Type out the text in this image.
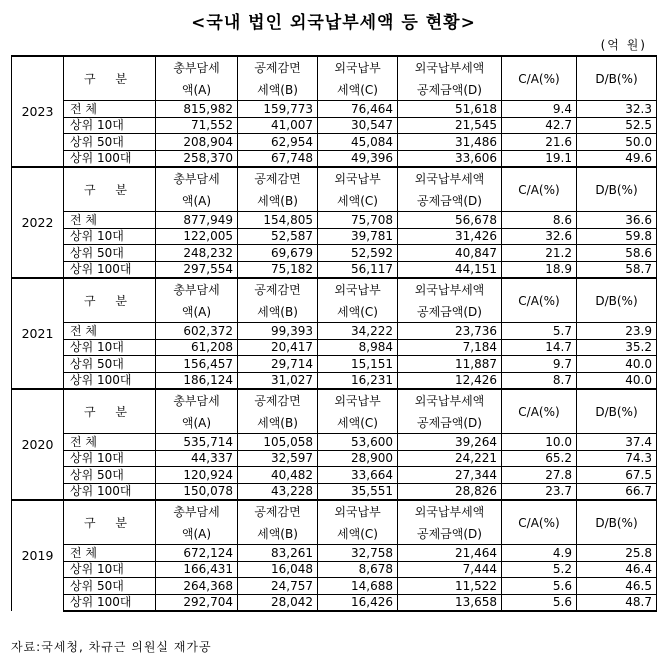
<국내 법인 외국납부세액 등 현황>
(억 원)
2023	구 분	총부담세	공제감면	외국납부	외국납부세액	C/A(%)	D/B(%)
		액(A)	세액(B)	세액(C)	공제금액(D)		
	전 체	815,982	159,773	76,464	51,618	9.4	32.3
	상위 10대	71,552	41,007	30,547	21,545	42.7	52.5
	상위 50대	208,904	62,954	45,084	31,486	21.6	50.0
	상위 100대	258,370	67,748	49,396	33,606	19.1	49.6
2022	구 분	총부담세	공제감면	외국납부	외국납부세액	C/A(%)	D/B(%)
		액(A)	세액(B)	세액(C)	공제금액(D)		
	전 체	877,949	154,805	75,708	56,678	8.6	36.6
	상위 10대	122,005	52,587	39,781	31,426	32.6	59.8
	상위 50대	248,232	69,679	52,592	40,847	21.2	58.6
	상위 100대	297,554	75,182	56,117	44,151	18.9	58.7
2021	구 분	총부담세	공제감면	외국납부	외국납부세액	C/A(%)	D/B(%)
		액(A)	세액(B)	세액(C)	공제금액(D)		
	전 체	602,372	99,393	34,222	23,736	5.7	23.9
	상위 10대	61,208	20,417	8,984	7,184	14.7	35.2
	상위 50대	156,457	29,714	15,151	11,887	9.7	40.0
	상위 100대	186,124	31,027	16,231	12,426	8.7	40.0
2020	구 분	총부담세	공제감면	외국납부	외국납부세액	C/A(%)	D/B(%)
		액(A)	세액(B)	세액(C)	공제금액(D)		
	전 체	535,714	105,058	53,600	39,264	10.0	37.4
	상위 10대	44,337	32,597	28,900	24,221	65.2	74.3
	상위 50대	120,924	40,482	33,664	27,344	27.8	67.5
	상위 100대	150,078	43,228	35,551	28,826	23.7	66.7
2019	구 분	총부담세	공제감면	외국납부	외국납부세액	C/A(%)	D/B(%)
		액(A)	세액(B)	세액(C)	공제금액(D)		
	전 체	672,124	83,261	32,758	21,464	4.9	25.8
	상위 10대	166,431	16,048	8,678	7,444	5.2	46.4
	상위 50대	264,368	24,757	14,688	11,522	5.6	46.5
	상위 100대	292,704	28,042	16,426	13,658	5.6	48.7
자료:국세청, 차규근 의원실 재가공
